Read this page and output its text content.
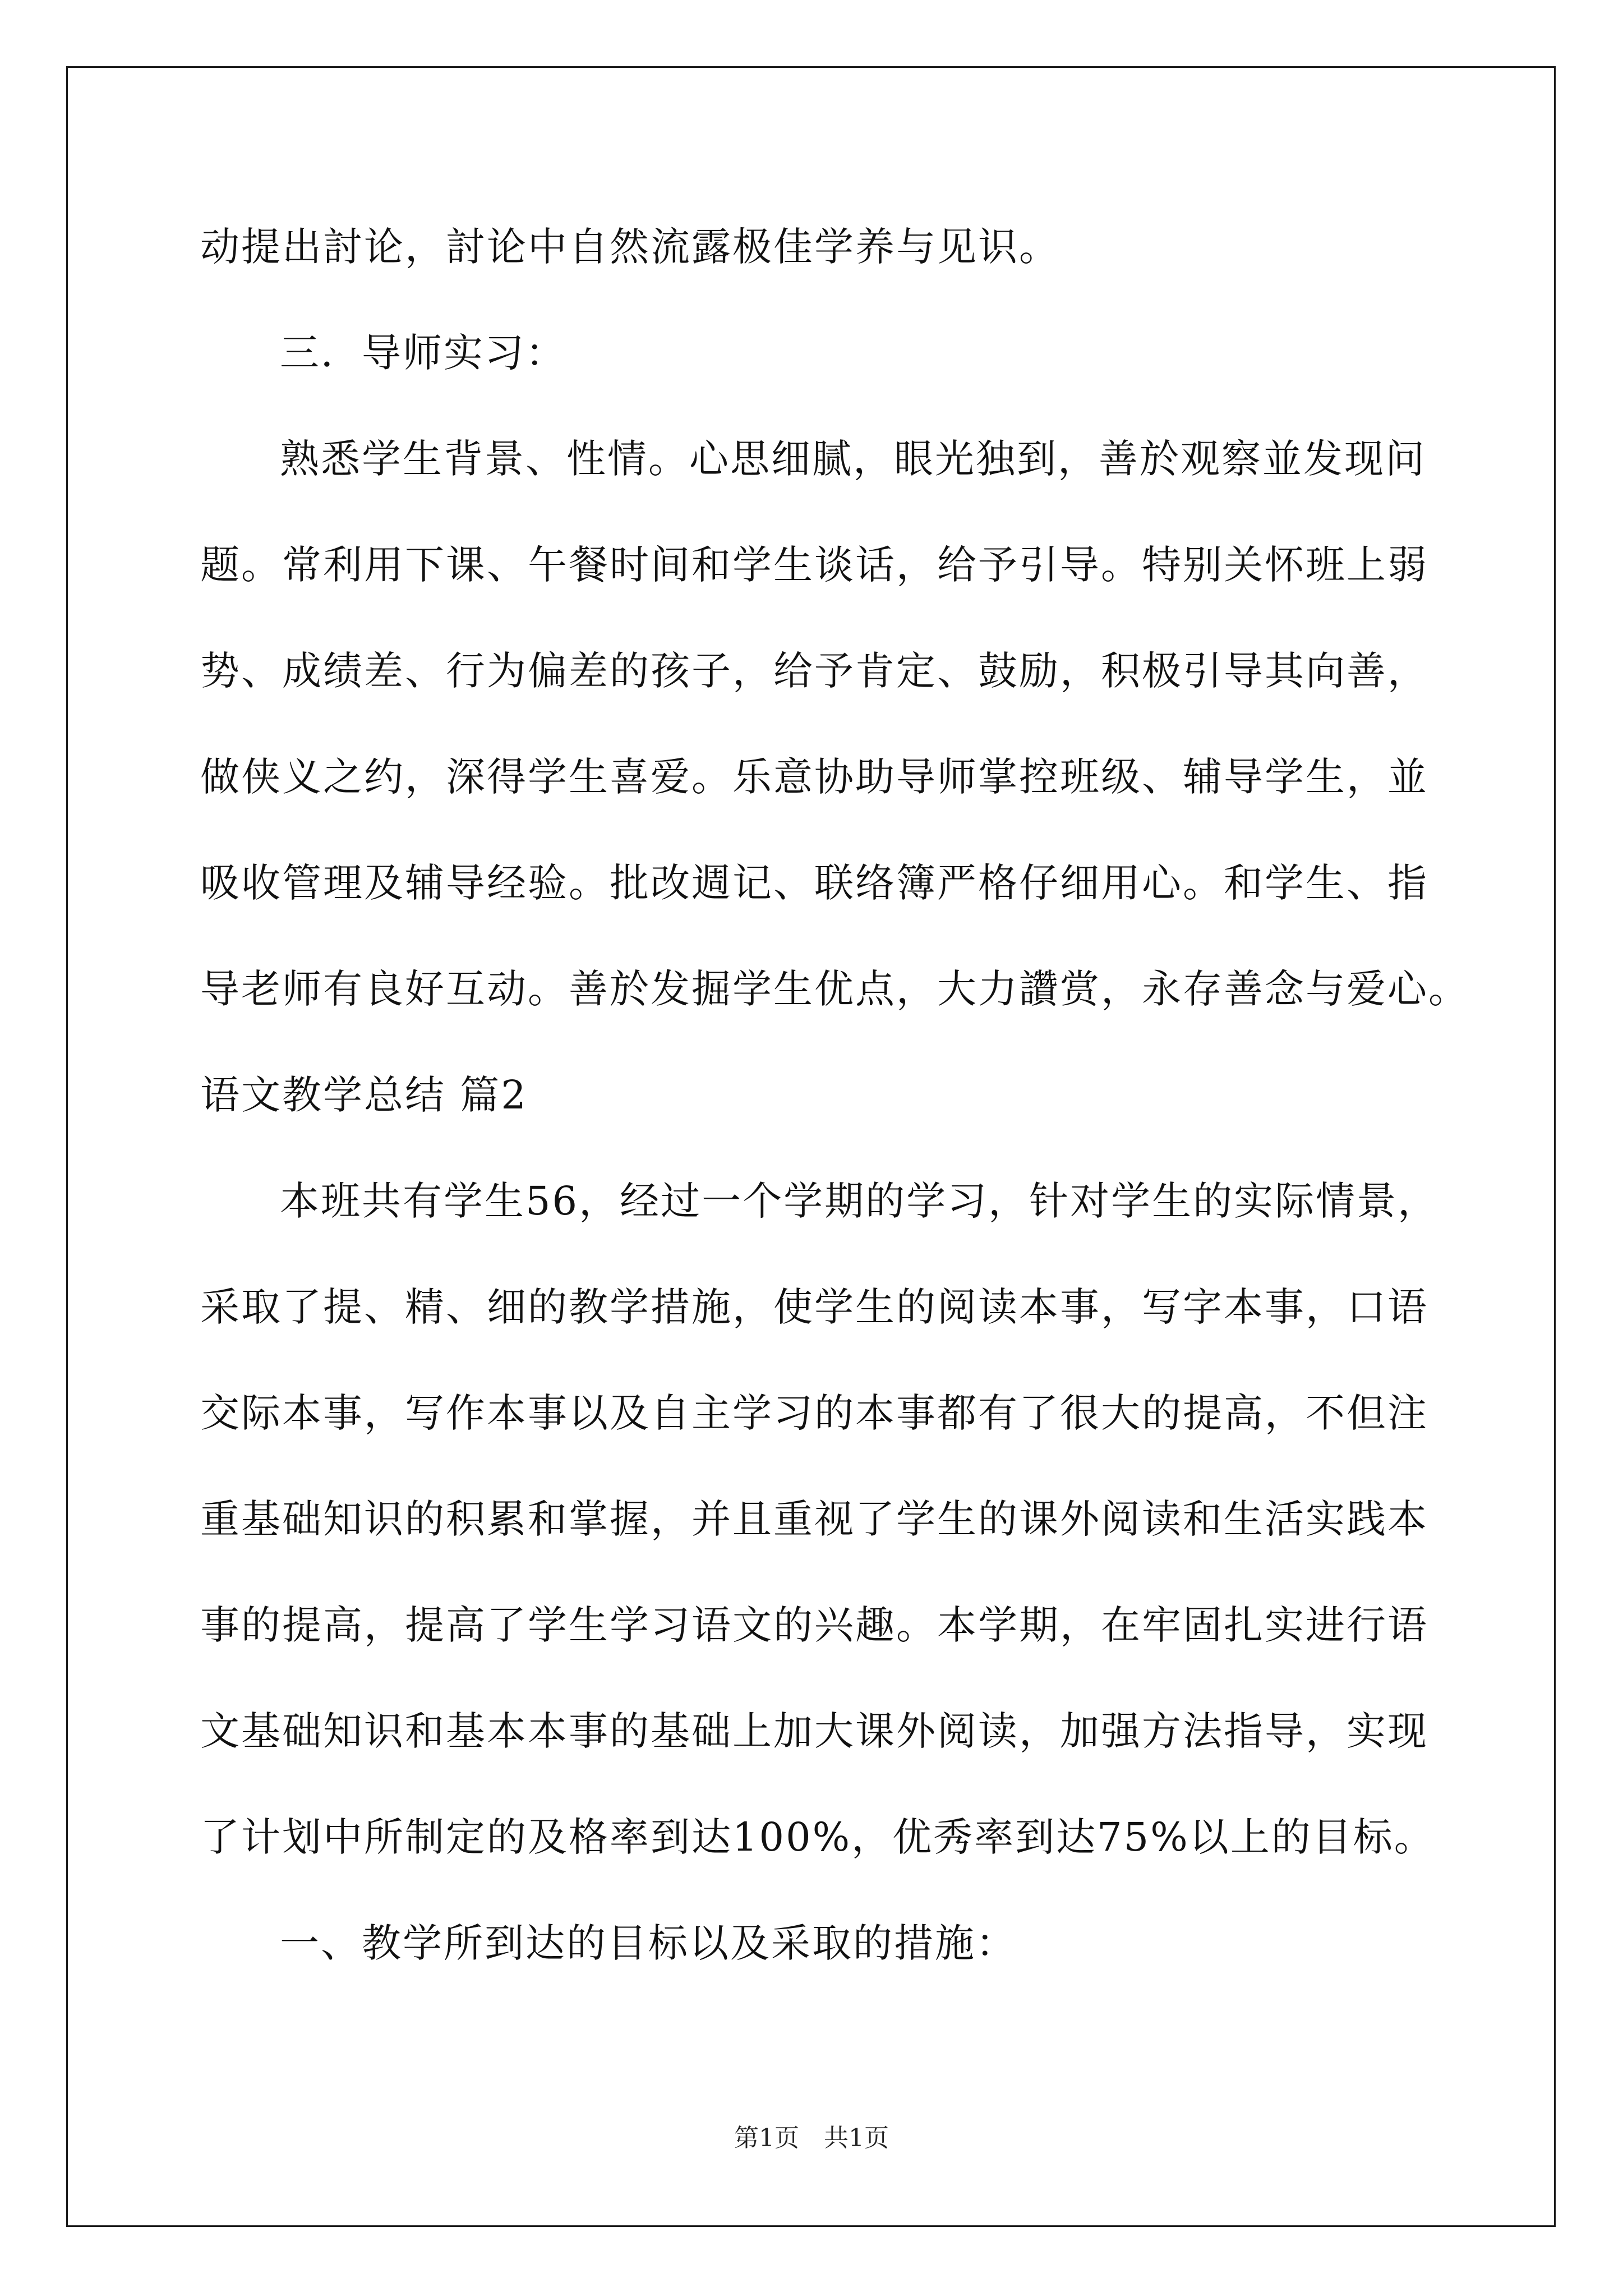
动提出討论，討论中自然流露极佳学养与见识。
三．导师实习：
熟悉学生背景、性情。心思细腻，眼光独到，善於观察並发现问
题。常利用下课、午餐时间和学生谈话，给予引导。特别关怀班上弱
势、成绩差、行为偏差的孩子，给予肯定、鼓励，积极引导其向善，
做侠义之约，深得学生喜爱。乐意协助导师掌控班级、辅导学生，並
吸收管理及辅导经验。批改週记、联络簿严格仔细用心。和学生、指
导老师有良好互动。善於发掘学生优点，大力讚赏，永存善念与爱心。
语文教学总结 篇2
本班共有学生56，经过一个学期的学习，针对学生的实际情景，
采取了提、精、细的教学措施，使学生的阅读本事，写字本事，口语
交际本事，写作本事以及自主学习的本事都有了很大的提高，不但注
重基础知识的积累和掌握，并且重视了学生的课外阅读和生活实践本
事的提高，提高了学生学习语文的兴趣。本学期，在牢固扎实进行语
文基础知识和基本本事的基础上加大课外阅读，加强方法指导，实现
了计划中所制定的及格率到达100%，优秀率到达75%以上的目标。
一、教学所到达的目标以及采取的措施：
第1页　共1页
